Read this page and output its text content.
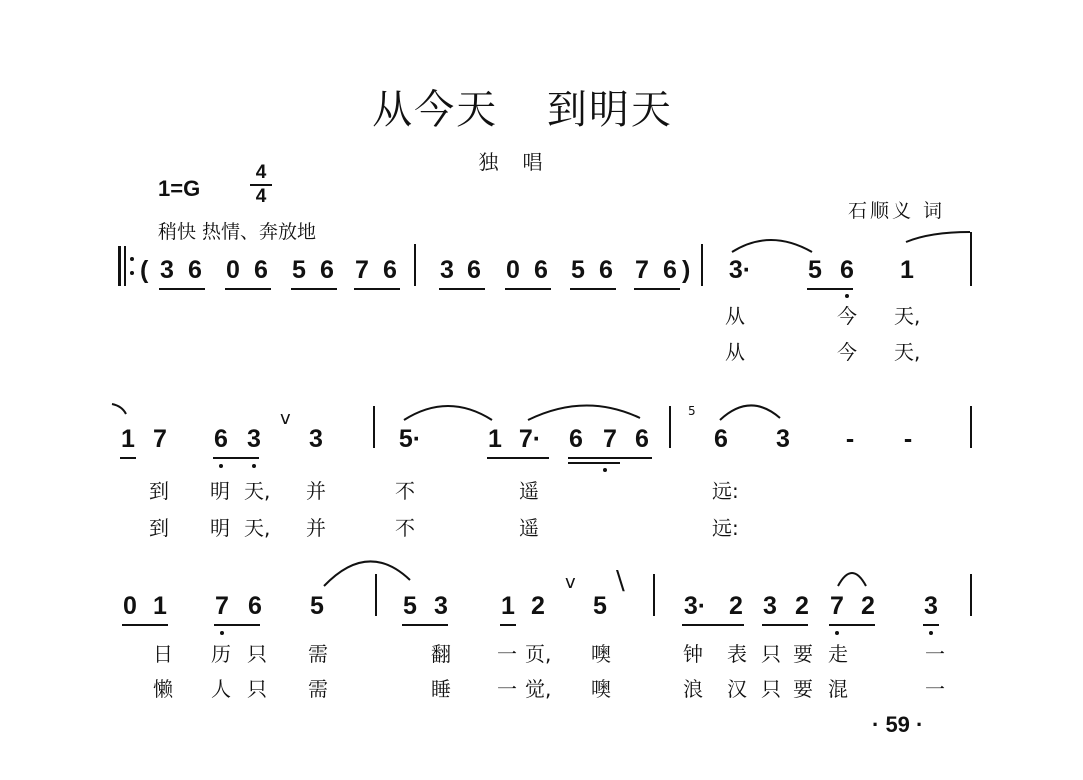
从今天 到明天
独唱
1=G
4
4
稍快 热情、奔放地
石顺义 词
( 3 6 0 6 5 6 7 6 3 6 0 6 5 6 7 6 ) 3· 5 6 1
从	今 天,
从	今 天,
1 7 6 3 3
v
5·	1 7· 6 7 6
5
6 3 - -
到 明 天, 并	不	遥	远:
到 明 天, 并	不	遥	远:
0 1 7 6 5	5 3 1 2 5
v \
3· 2 3 2 7 2 3
日 历 只 需	翻 一 页, 噢	钟 表 只 要 走	一
懒 人 只 需	睡 一 觉, 噢	浪 汉 只 要 混	一
· 59 ·
